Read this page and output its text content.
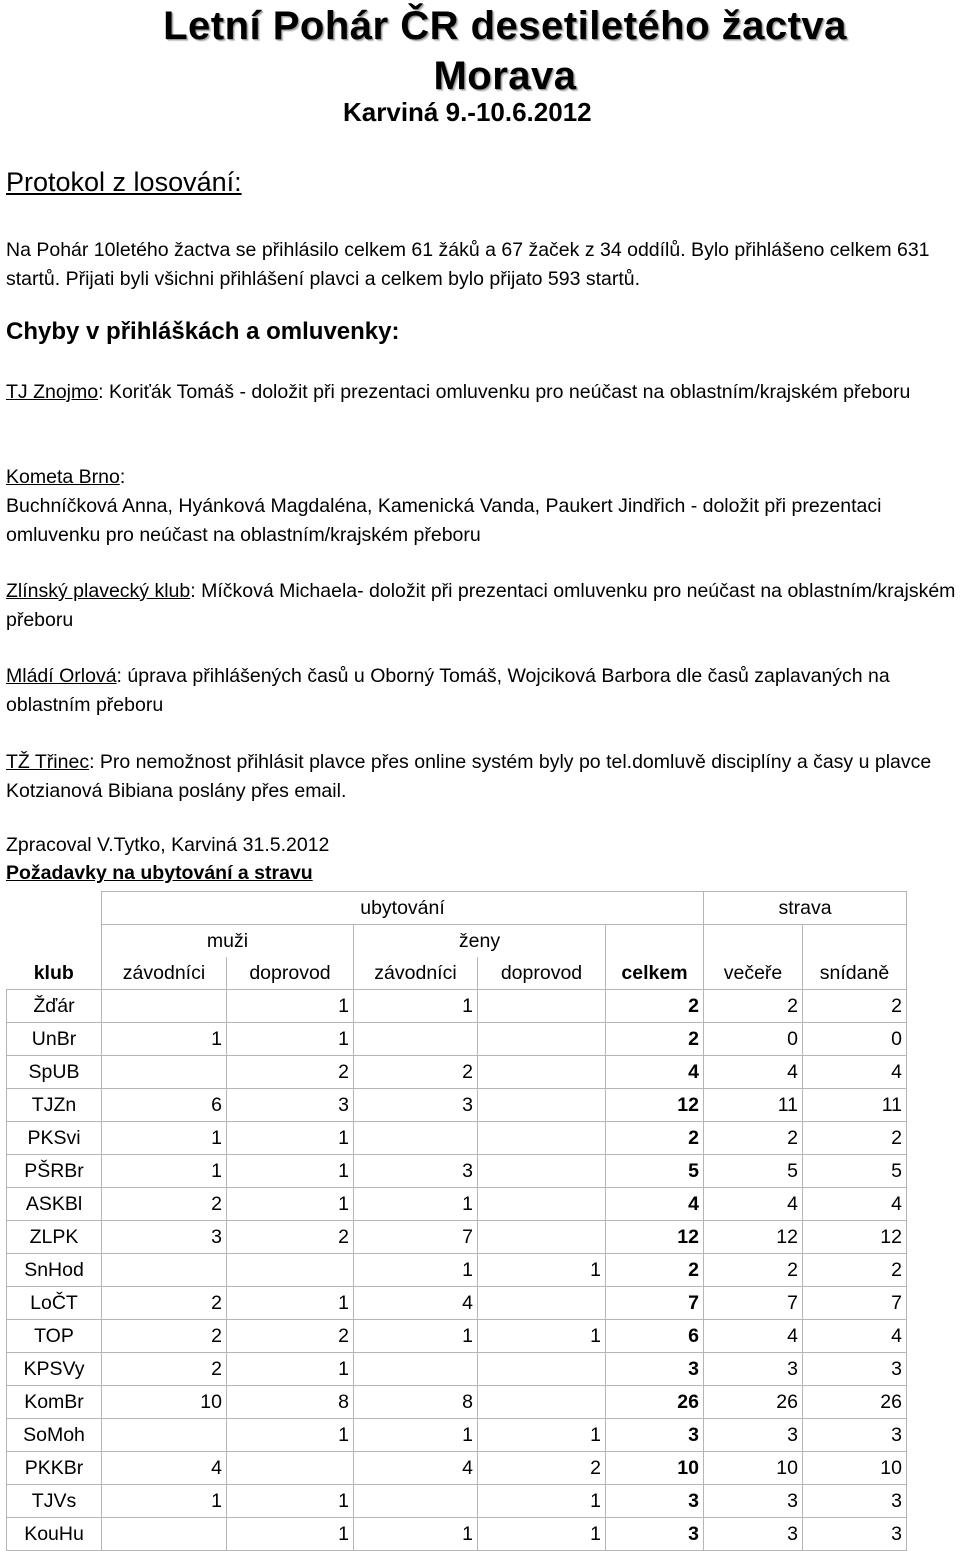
Letní Pohár ČR desetiletého žactva
Morava
Karviná 9.-10.6.2012
Protokol z losování:
Na Pohár 10letého žactva se přihlásilo celkem 61 žáků a 67 žaček z 34 oddílů. Bylo přihlášeno celkem 631 startů. Přijati byli všichni přihlášení plavci a celkem bylo přijato 593 startů.
Chyby v přihláškách a omluvenky:
TJ Znojmo: Koriťák Tomáš - doložit při prezentaci omluvenku pro neúčast na oblastním/krajském přeboru
Kometa Brno:
Buchníčková Anna, Hyánková Magdaléna, Kamenická Vanda, Paukert Jindřich - doložit při prezentaci omluvenku pro neúčast na oblastním/krajském přeboru
Zlínský plavecký klub: Míčková Michaela- doložit při prezentaci omluvenku pro neúčast na oblastním/krajském přeboru
Mládí Orlová: úprava přihlášených časů u Oborný Tomáš, Wojciková Barbora dle časů zaplavaných na oblastním přeboru
TŽ Třinec: Pro nemožnost přihlásit plavce přes online systém byly po tel.domluvě disciplíny a časy u plavce Kotzianová Bibiana poslány přes email.
Zpracoval V.Tytko, Karviná 31.5.2012
Požadavky na ubytování a stravu
	ubytování					strava	
	muži		ženy				
klub	závodníci	doprovod	závodníci	doprovod	celkem	večeře	snídaně
Žďár		1	1		2	2	2
UnBr	1	1			2	0	0
SpUB		2	2		4	4	4
TJZn	6	3	3		12	11	11
PKSvi	1	1			2	2	2
PŠRBr	1	1	3		5	5	5
ASKBl	2	1	1		4	4	4
ZLPK	3	2	7		12	12	12
SnHod			1	1	2	2	2
LoČT	2	1	4		7	7	7
TOP	2	2	1	1	6	4	4
KPSVy	2	1			3	3	3
KomBr	10	8	8		26	26	26
SoMoh		1	1	1	3	3	3
PKKBr	4		4	2	10	10	10
TJVs	1	1		1	3	3	3
KouHu		1	1	1	3	3	3
